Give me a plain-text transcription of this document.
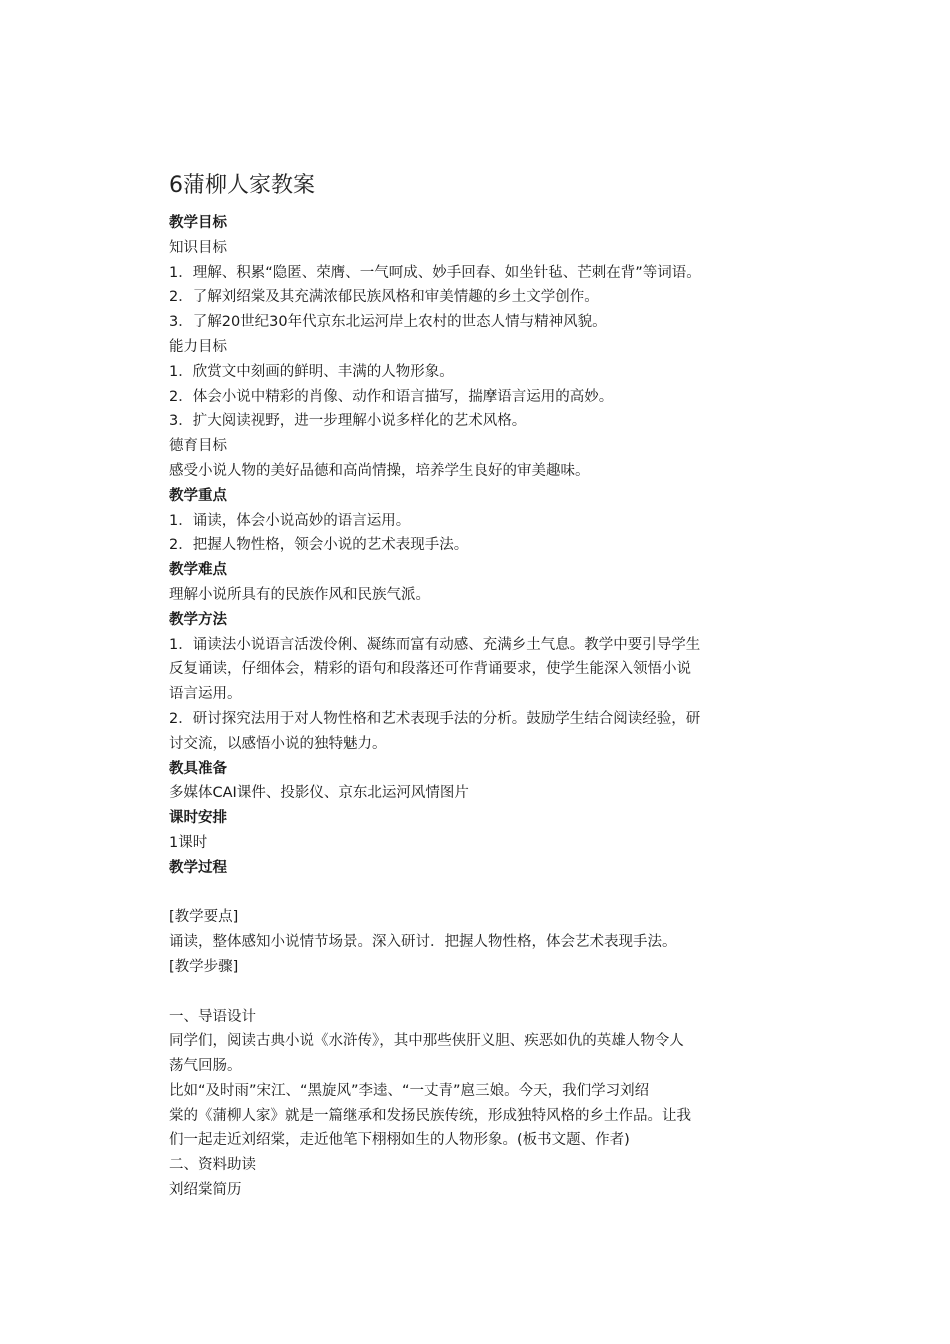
6蒲柳人家教案

教学目标

知识目标

1．理解、积累“隐匿、荣膺、一气呵成、妙手回春、如坐针毡、芒刺在背”等词语。

2．了解刘绍棠及其充满浓郁民族风格和审美情趣的乡土文学创作。

3．了解20世纪30年代京东北运河岸上农村的世态人情与精神风貌。

能力目标

1．欣赏文中刻画的鲜明、丰满的人物形象。

2．体会小说中精彩的肖像、动作和语言描写，揣摩语言运用的高妙。

3．扩大阅读视野，进一步理解小说多样化的艺术风格。

德育目标

感受小说人物的美好品德和高尚情操，培养学生良好的审美趣味。

教学重点

1．诵读，体会小说高妙的语言运用。

2．把握人物性格，领会小说的艺术表现手法。

教学难点

理解小说所具有的民族作风和民族气派。

教学方法

1．诵读法小说语言活泼伶俐、凝练而富有动感、充满乡土气息。教学中要引导学生

反复诵读，仔细体会，精彩的语句和段落还可作背诵要求，使学生能深入领悟小说

语言运用。

2．研讨探究法用于对人物性格和艺术表现手法的分析。鼓励学生结合阅读经验，研

讨交流，以感悟小说的独特魅力。

教具准备

多媒体CAI课件、投影仪、京东北运河风情图片

课时安排

1课时

教学过程

[教学要点]

诵读，整体感知小说情节场景。深入研讨．把握人物性格，体会艺术表现手法。

[教学步骤]

一、导语设计

同学们，阅读古典小说《水浒传》，其中那些侠肝义胆、疾恶如仇的英雄人物令人

荡气回肠。

比如“及时雨”宋江、“黑旋风”李逵、“一丈青”扈三娘。今天，我们学习刘绍

棠的《蒲柳人家》就是一篇继承和发扬民族传统，形成独特风格的乡土作品。让我

们一起走近刘绍棠，走近他笔下栩栩如生的人物形象。(板书文题、作者)

二、资料助读

刘绍棠简历
